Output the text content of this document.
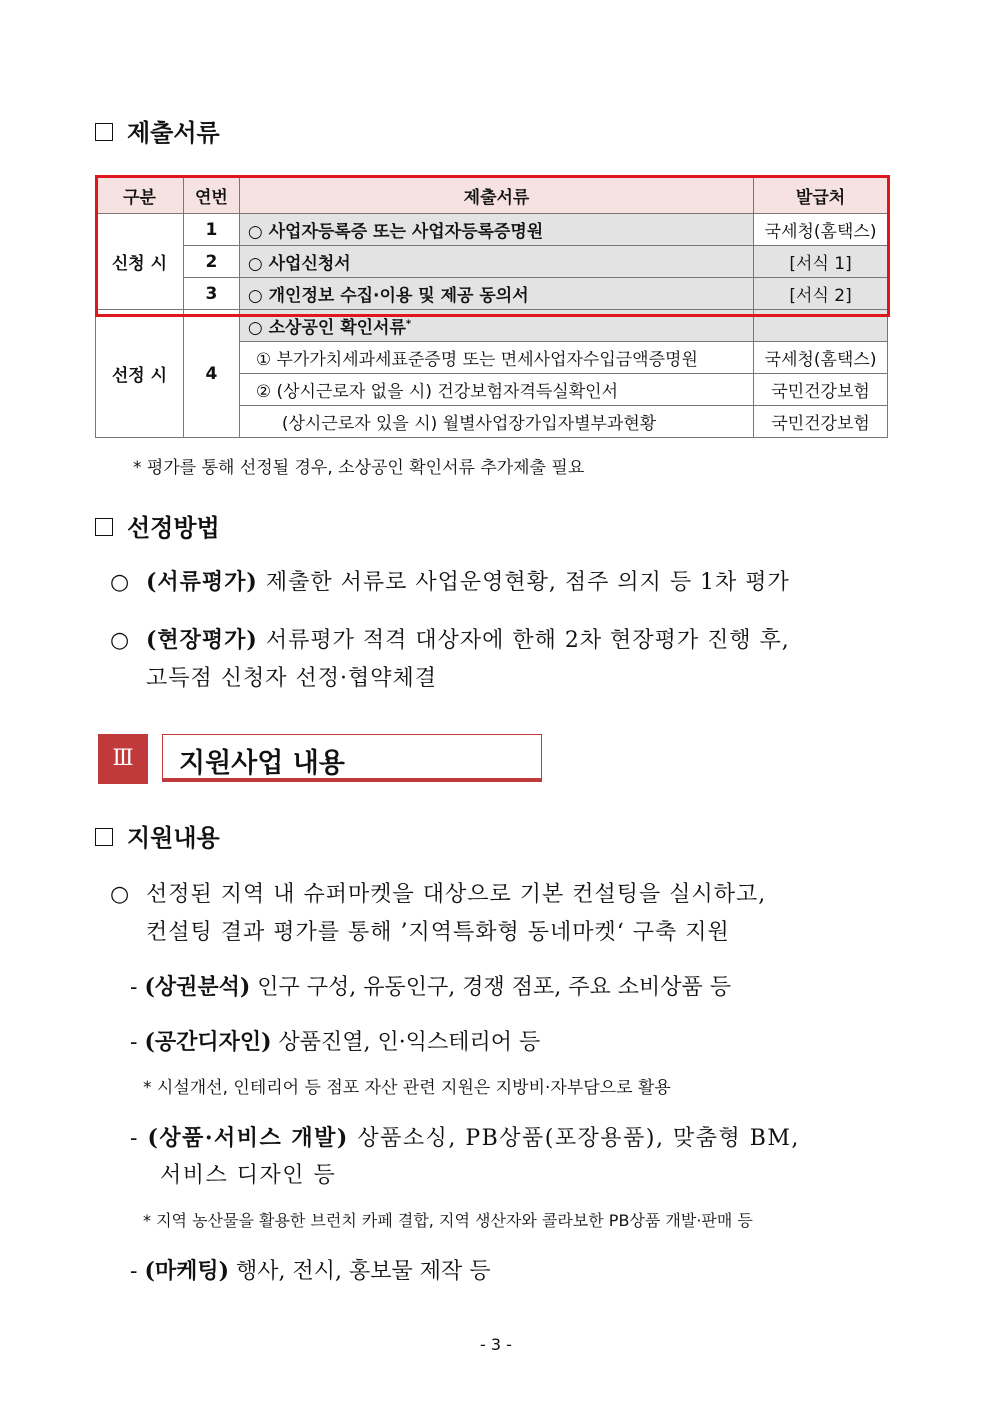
제출서류
구분	연번	제출서류	발급처
신청 시	1	○ 사업자등록증 또는 사업자등록증명원	국세청(홈택스)
	2	○ 사업신청서	[서식 1]
	3	○ 개인정보 수집·이용 및 제공 동의서	[서식 2]
선정 시	4	○ 소상공인 확인서류*	
		① 부가가치세과세표준증명 또는 면세사업자수입금액증명원	국세청(홈택스)
		② (상시근로자 없을 시) 건강보험자격득실확인서	국민건강보험
		(상시근로자 있을 시) 월별사업장가입자별부과현황	국민건강보험
* 평가를 통해 선정될 경우, 소상공인 확인서류 추가제출 필요
선정방법
○ (서류평가) 제출한 서류로 사업운영현황, 점주 의지 등 1차 평가
○ (현장평가) 서류평가 적격 대상자에 한해 2차 현장평가 진행 후,
고득점 신청자 선정·협약체결
Ⅲ	지원사업 내용
지원내용
○ 선정된 지역 내 슈퍼마켓을 대상으로 기본 컨설팅을 실시하고,
컨설팅 결과 평가를 통해 ’지역특화형 동네마켓‘ 구축 지원
- (상권분석) 인구 구성, 유동인구, 경쟁 점포, 주요 소비상품 등
- (공간디자인) 상품진열, 인·익스테리어 등
* 시설개선, 인테리어 등 점포 자산 관련 지원은 지방비·자부담으로 활용
- (상품·서비스 개발) 상품소싱, PB상품(포장용품), 맞춤형 BM,
서비스 디자인 등
* 지역 농산물을 활용한 브런치 카페 결합, 지역 생산자와 콜라보한 PB상품 개발·판매 등
- (마케팅) 행사, 전시, 홍보물 제작 등
- 3 -
